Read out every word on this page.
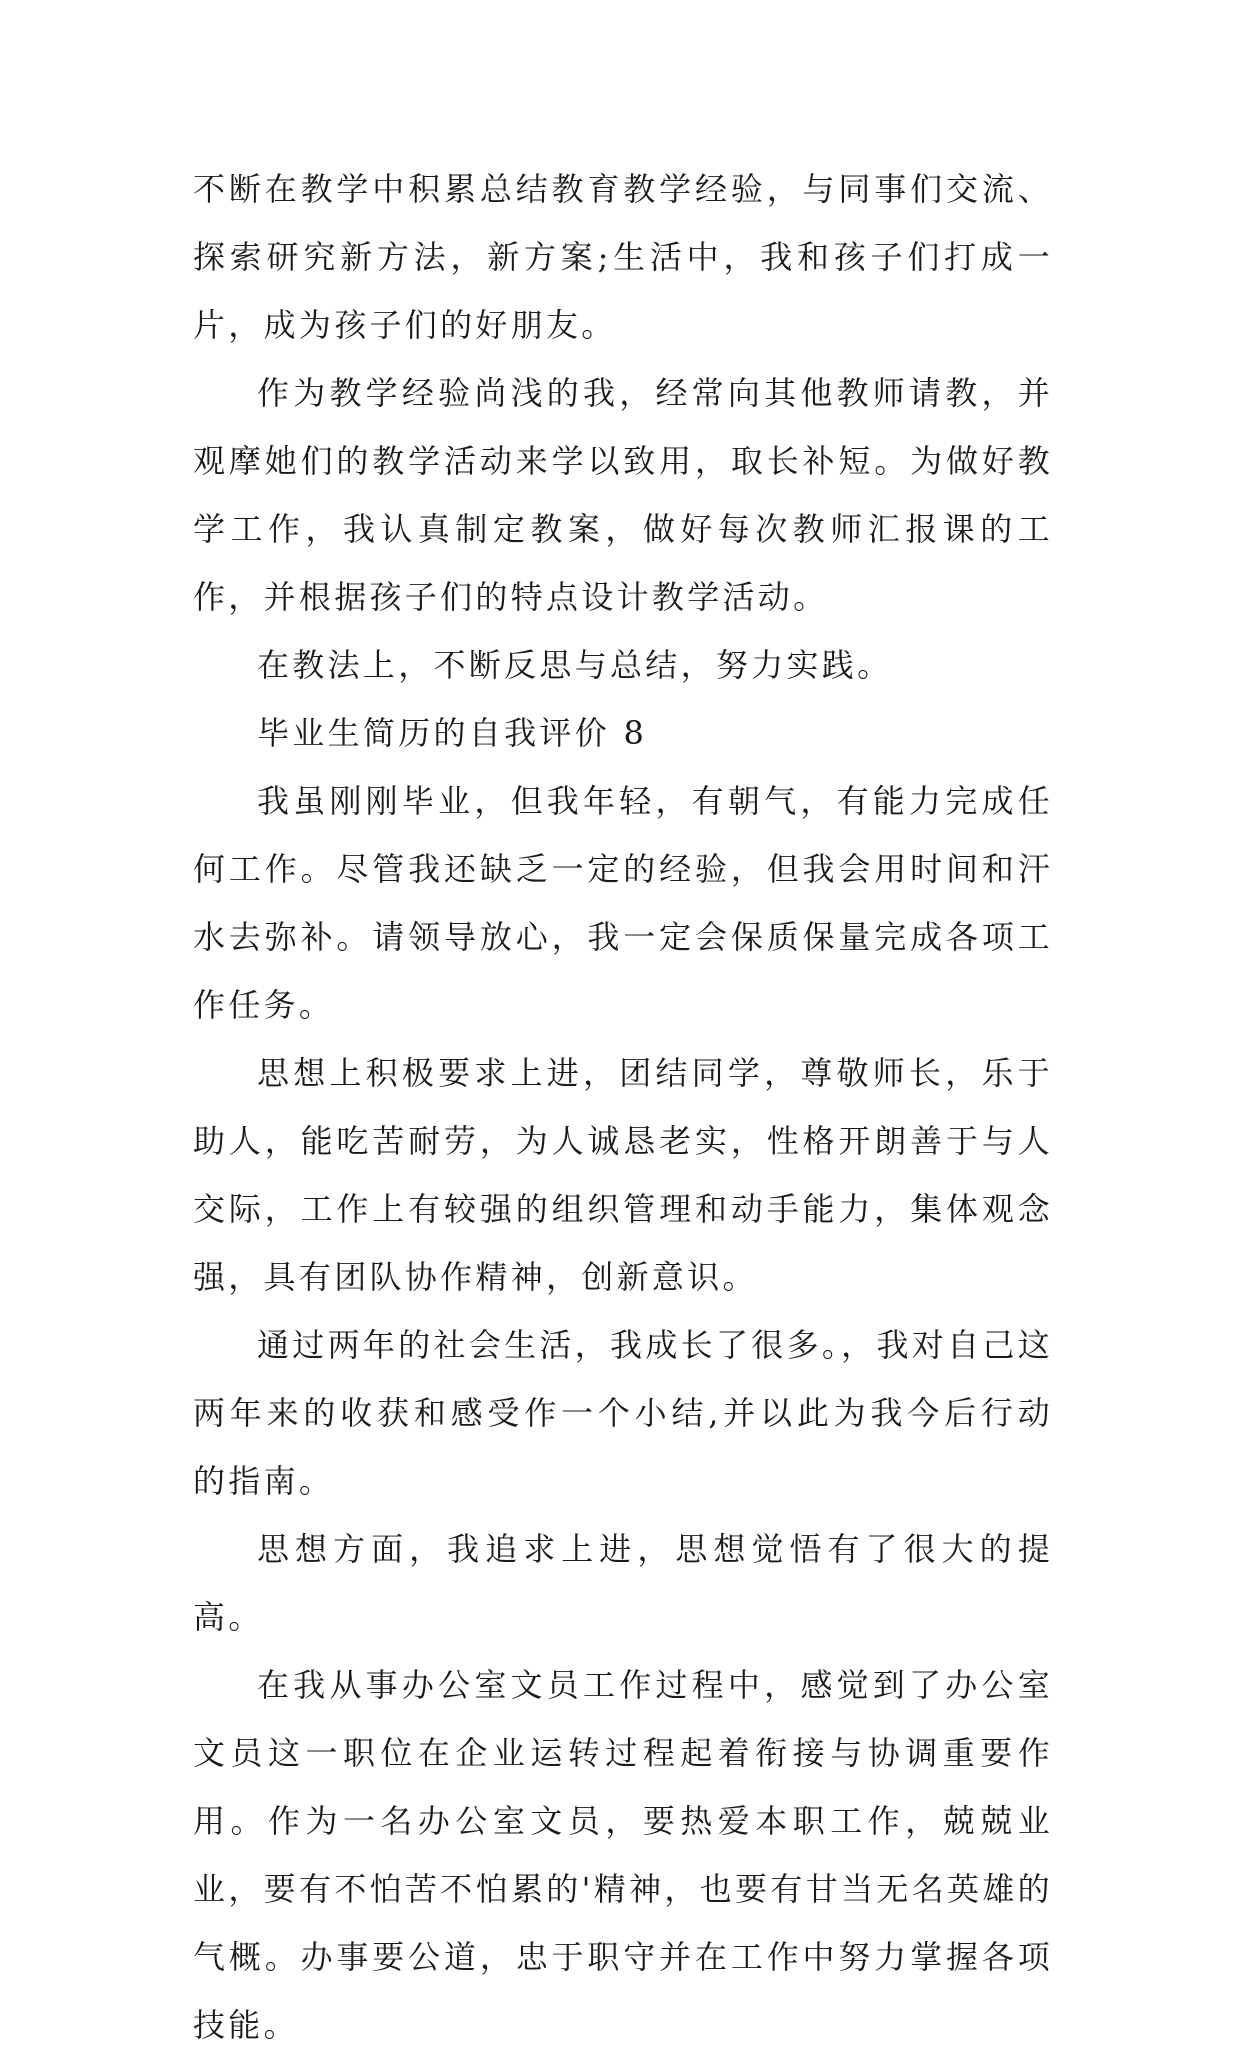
不断在教学中积累总结教育教学经验，与同事们交流、探索研究新方法，新方案;生活中，我和孩子们打成一片，成为孩子们的好朋友。

作为教学经验尚浅的我，经常向其他教师请教，并观摩她们的教学活动来学以致用，取长补短。为做好教学工作，我认真制定教案，做好每次教师汇报课的工作，并根据孩子们的特点设计教学活动。

在教法上，不断反思与总结，努力实践。

毕业生简历的自我评价 8

我虽刚刚毕业，但我年轻，有朝气，有能力完成任何工作。尽管我还缺乏一定的经验，但我会用时间和汗水去弥补。请领导放心，我一定会保质保量完成各项工作任务。

思想上积极要求上进，团结同学，尊敬师长，乐于助人，能吃苦耐劳，为人诚恳老实，性格开朗善于与人交际，工作上有较强的组织管理和动手能力，集体观念强，具有团队协作精神，创新意识。

通过两年的社会生活，我成长了很多。，我对自己这两年来的收获和感受作一个小结,并以此为我今后行动的指南。

思想方面，我追求上进，思想觉悟有了很大的提高。

在我从事办公室文员工作过程中，感觉到了办公室文员这一职位在企业运转过程起着衔接与协调重要作用。作为一名办公室文员，要热爱本职工作，兢兢业业，要有不怕苦不怕累的'精神，也要有甘当无名英雄的气概。办事要公道，忠于职守并在工作中努力掌握各项技能。
